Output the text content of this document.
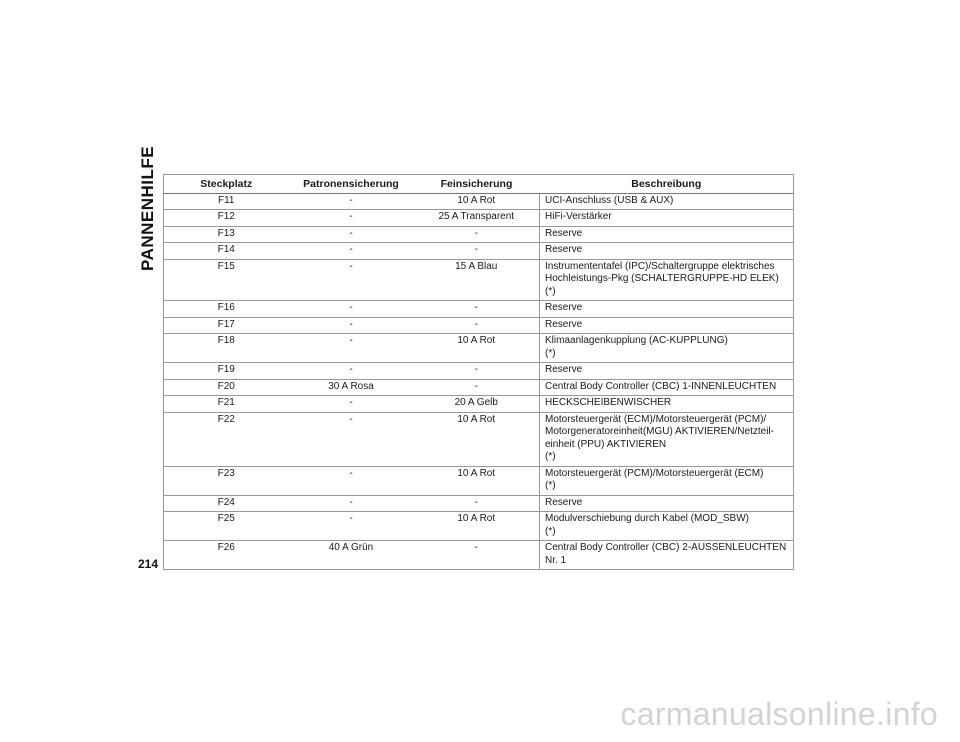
PANNENHILFE	Steckplatz	Patronensicherung	Feinsicherung	Beschreibung
F11	-	10 A Rot	UCI-Anschluss (USB & AUX)

F12	-	25 A Transparent	HiFi-Verstärker

F13	-	-	Reserve

F14	-	-	Reserve

F15	-	15 A Blau	Instrumententafel (IPC)/Schaltergruppe elektrisches
Hochleistungs-Pkg (SCHALTERGRUPPE-HD ELEK)
(*)

F16	-	-	Reserve

F17	-	-	Reserve

F18	-	10 A Rot	Klimaanlagenkupplung (AC-KUPPLUNG)
(*)

F19	-	-	Reserve

F20	30 A Rosa	-	Central Body Controller (CBC) 1-INNENLEUCHTEN

F21	-	20 A Gelb	HECKSCHEIBENWISCHER

F22	-	10 A Rot	Motorsteuergerät (ECM)/Motorsteuergerät (PCM)/
Motorgeneratoreinheit(MGU) AKTIVIEREN/Netzteil-
einheit (PPU) AKTIVIEREN
(*)

F23	-	10 A Rot	Motorsteuergerät (PCM)/Motorsteuergerät (ECM)
(*)

F24	-	-	Reserve

F25	-	10 A Rot	Modulverschiebung durch Kabel (MOD_SBW)
(*)

F26	40 A Grün	-	Central Body Controller (CBC) 2-AUSSENLEUCHTEN
Nr. 1
214
carmanualsonline.info
